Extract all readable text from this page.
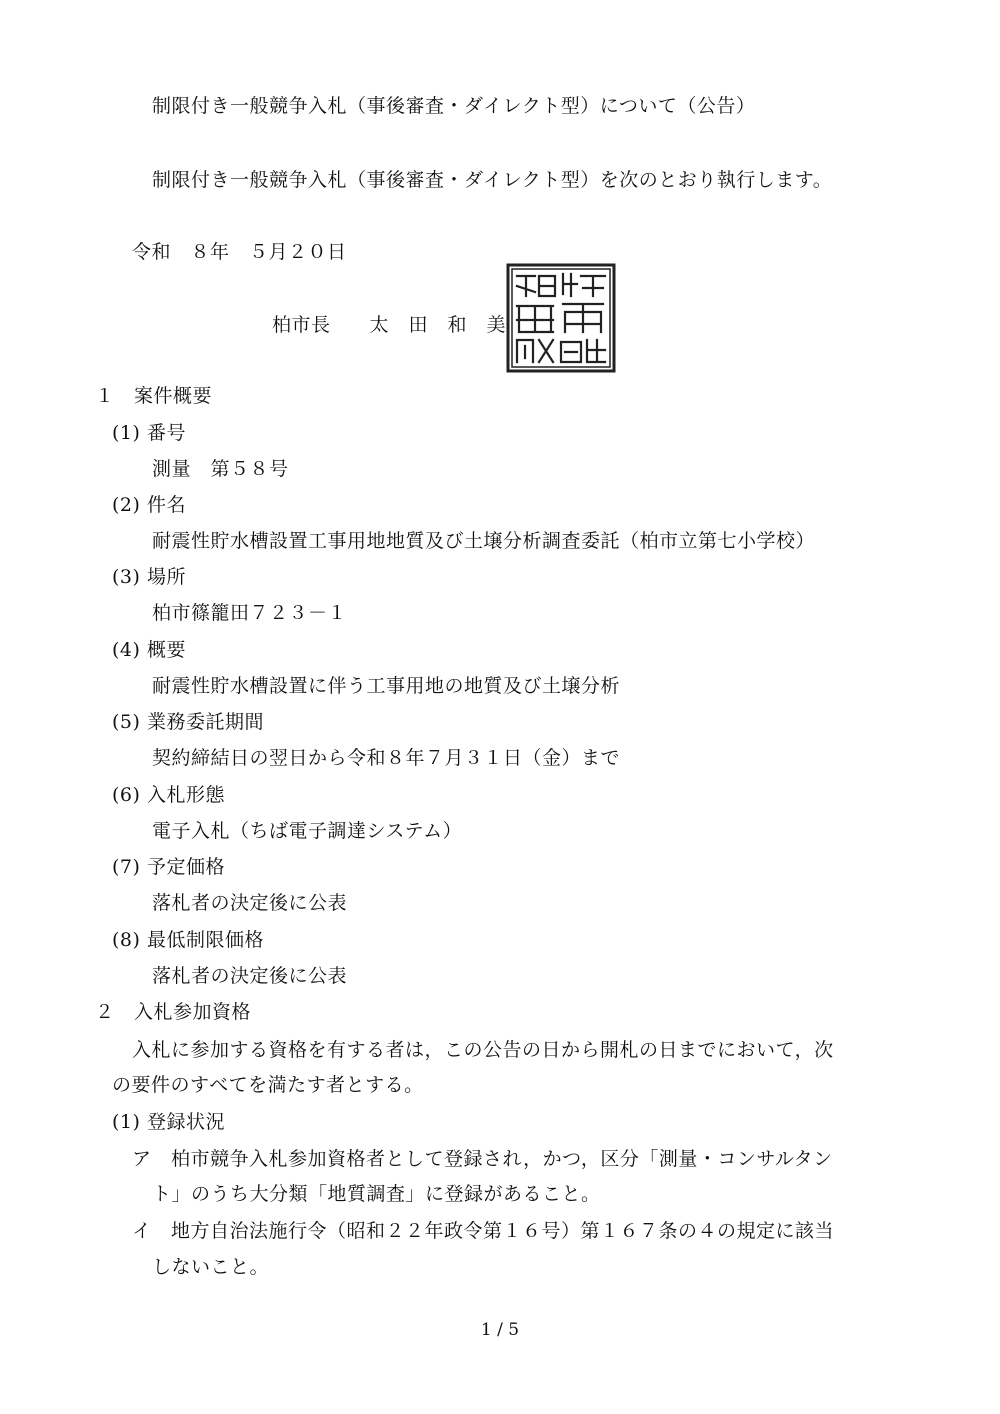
制限付き一般競争入札（事後審査・ダイレクト型）について（公告）
制限付き一般競争入札（事後審査・ダイレクト型）を次のとおり執行します。
令和　８年　５月２０日
柏市長　　太　田　和　美
１　案件概要
(1) 番号
測量　第５８号
(2) 件名
耐震性貯水槽設置工事用地地質及び土壌分析調査委託（柏市立第七小学校）
(3) 場所
柏市篠籠田７２３－１
(4) 概要
耐震性貯水槽設置に伴う工事用地の地質及び土壌分析
(5) 業務委託期間
契約締結日の翌日から令和８年７月３１日（金）まで
(6) 入札形態
電子入札（ちば電子調達システム）
(7) 予定価格
落札者の決定後に公表
(8) 最低制限価格
落札者の決定後に公表
２　入札参加資格
入札に参加する資格を有する者は，この公告の日から開札の日までにおいて，次
の要件のすべてを満たす者とする。
(1) 登録状況
ア　柏市競争入札参加資格者として登録され，かつ，区分「測量・コンサルタン
ト」のうち大分類「地質調査」に登録があること。
イ　地方自治法施行令（昭和２２年政令第１６号）第１６７条の４の規定に該当
しないこと。
1 / 5
